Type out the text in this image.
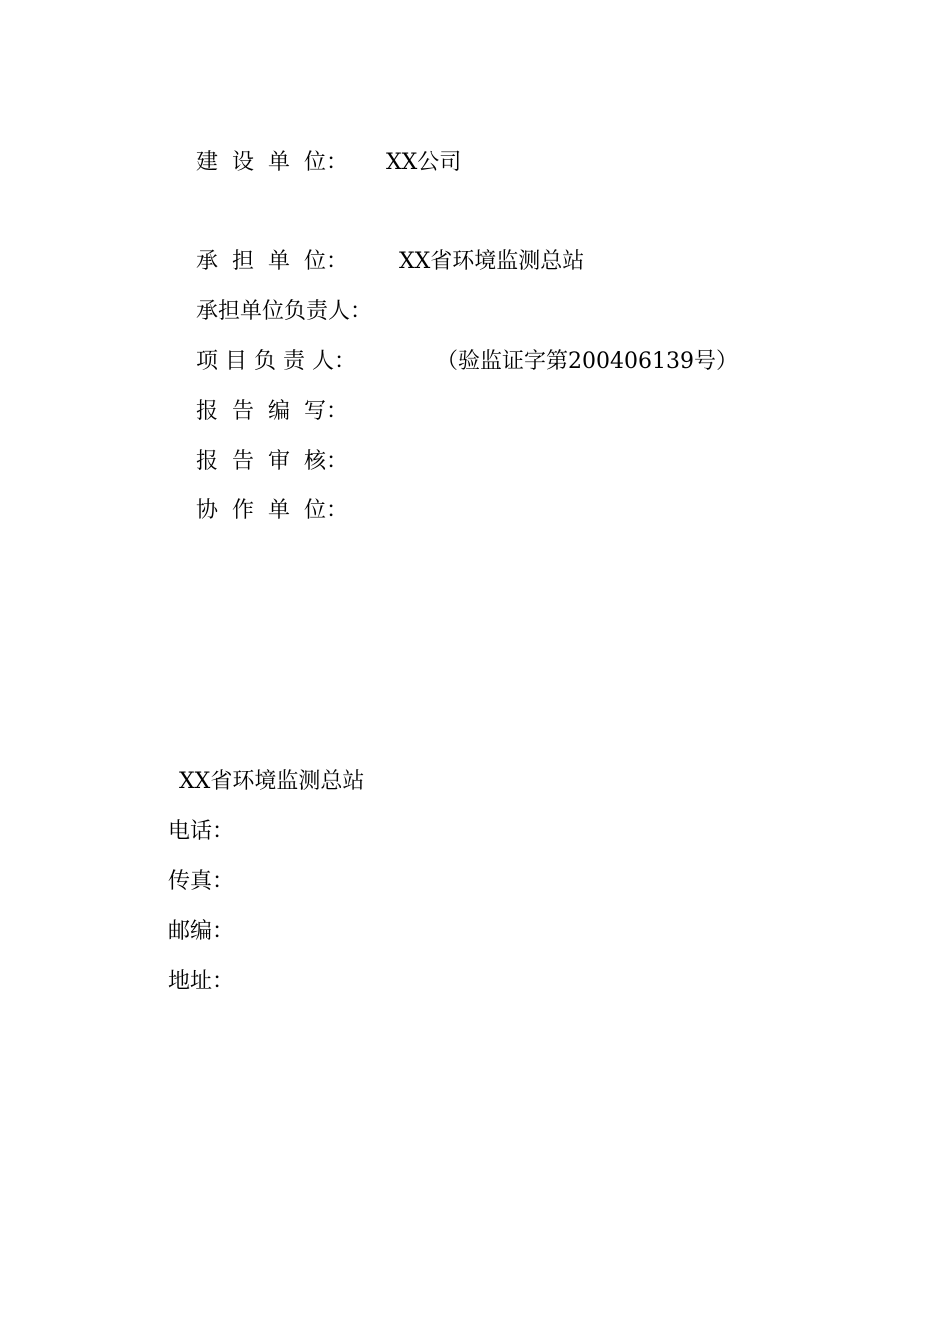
建  设  单  位： XX公司

承  担  单  位： XX省环境监测总站

承担单位负责人：

项 目 负 责 人：	（验监证字第200406139号）

报  告  编  写：

报  告  审  核：

协  作  单  位：

XX省环境监测总站
电话：
传真：
邮编：
地址：
